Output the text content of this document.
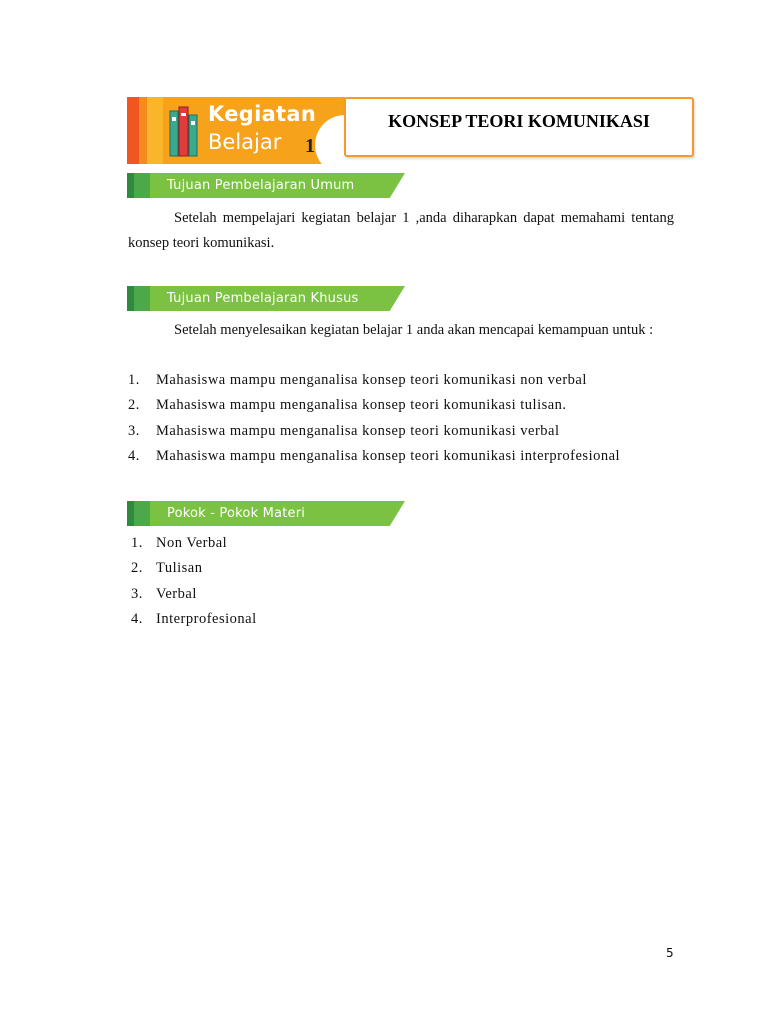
Kegiatan
Belajar 1
KONSEP TEORI KOMUNIKASI
Tujuan Pembelajaran Umum
Setelah mempelajari kegiatan belajar 1 ,anda diharapkan dapat memahami tentang konsep teori komunikasi.
Tujuan Pembelajaran Khusus
Setelah menyelesaikan kegiatan belajar 1 anda akan mencapai kemampuan untuk :
1. Mahasiswa mampu menganalisa konsep teori komunikasi non verbal
2. Mahasiswa mampu menganalisa konsep teori komunikasi tulisan.
3. Mahasiswa mampu menganalisa konsep teori komunikasi verbal
4. Mahasiswa mampu menganalisa konsep teori komunikasi interprofesional
Pokok - Pokok Materi
1. Non Verbal
2. Tulisan
3. Verbal
4. Interprofesional
5
